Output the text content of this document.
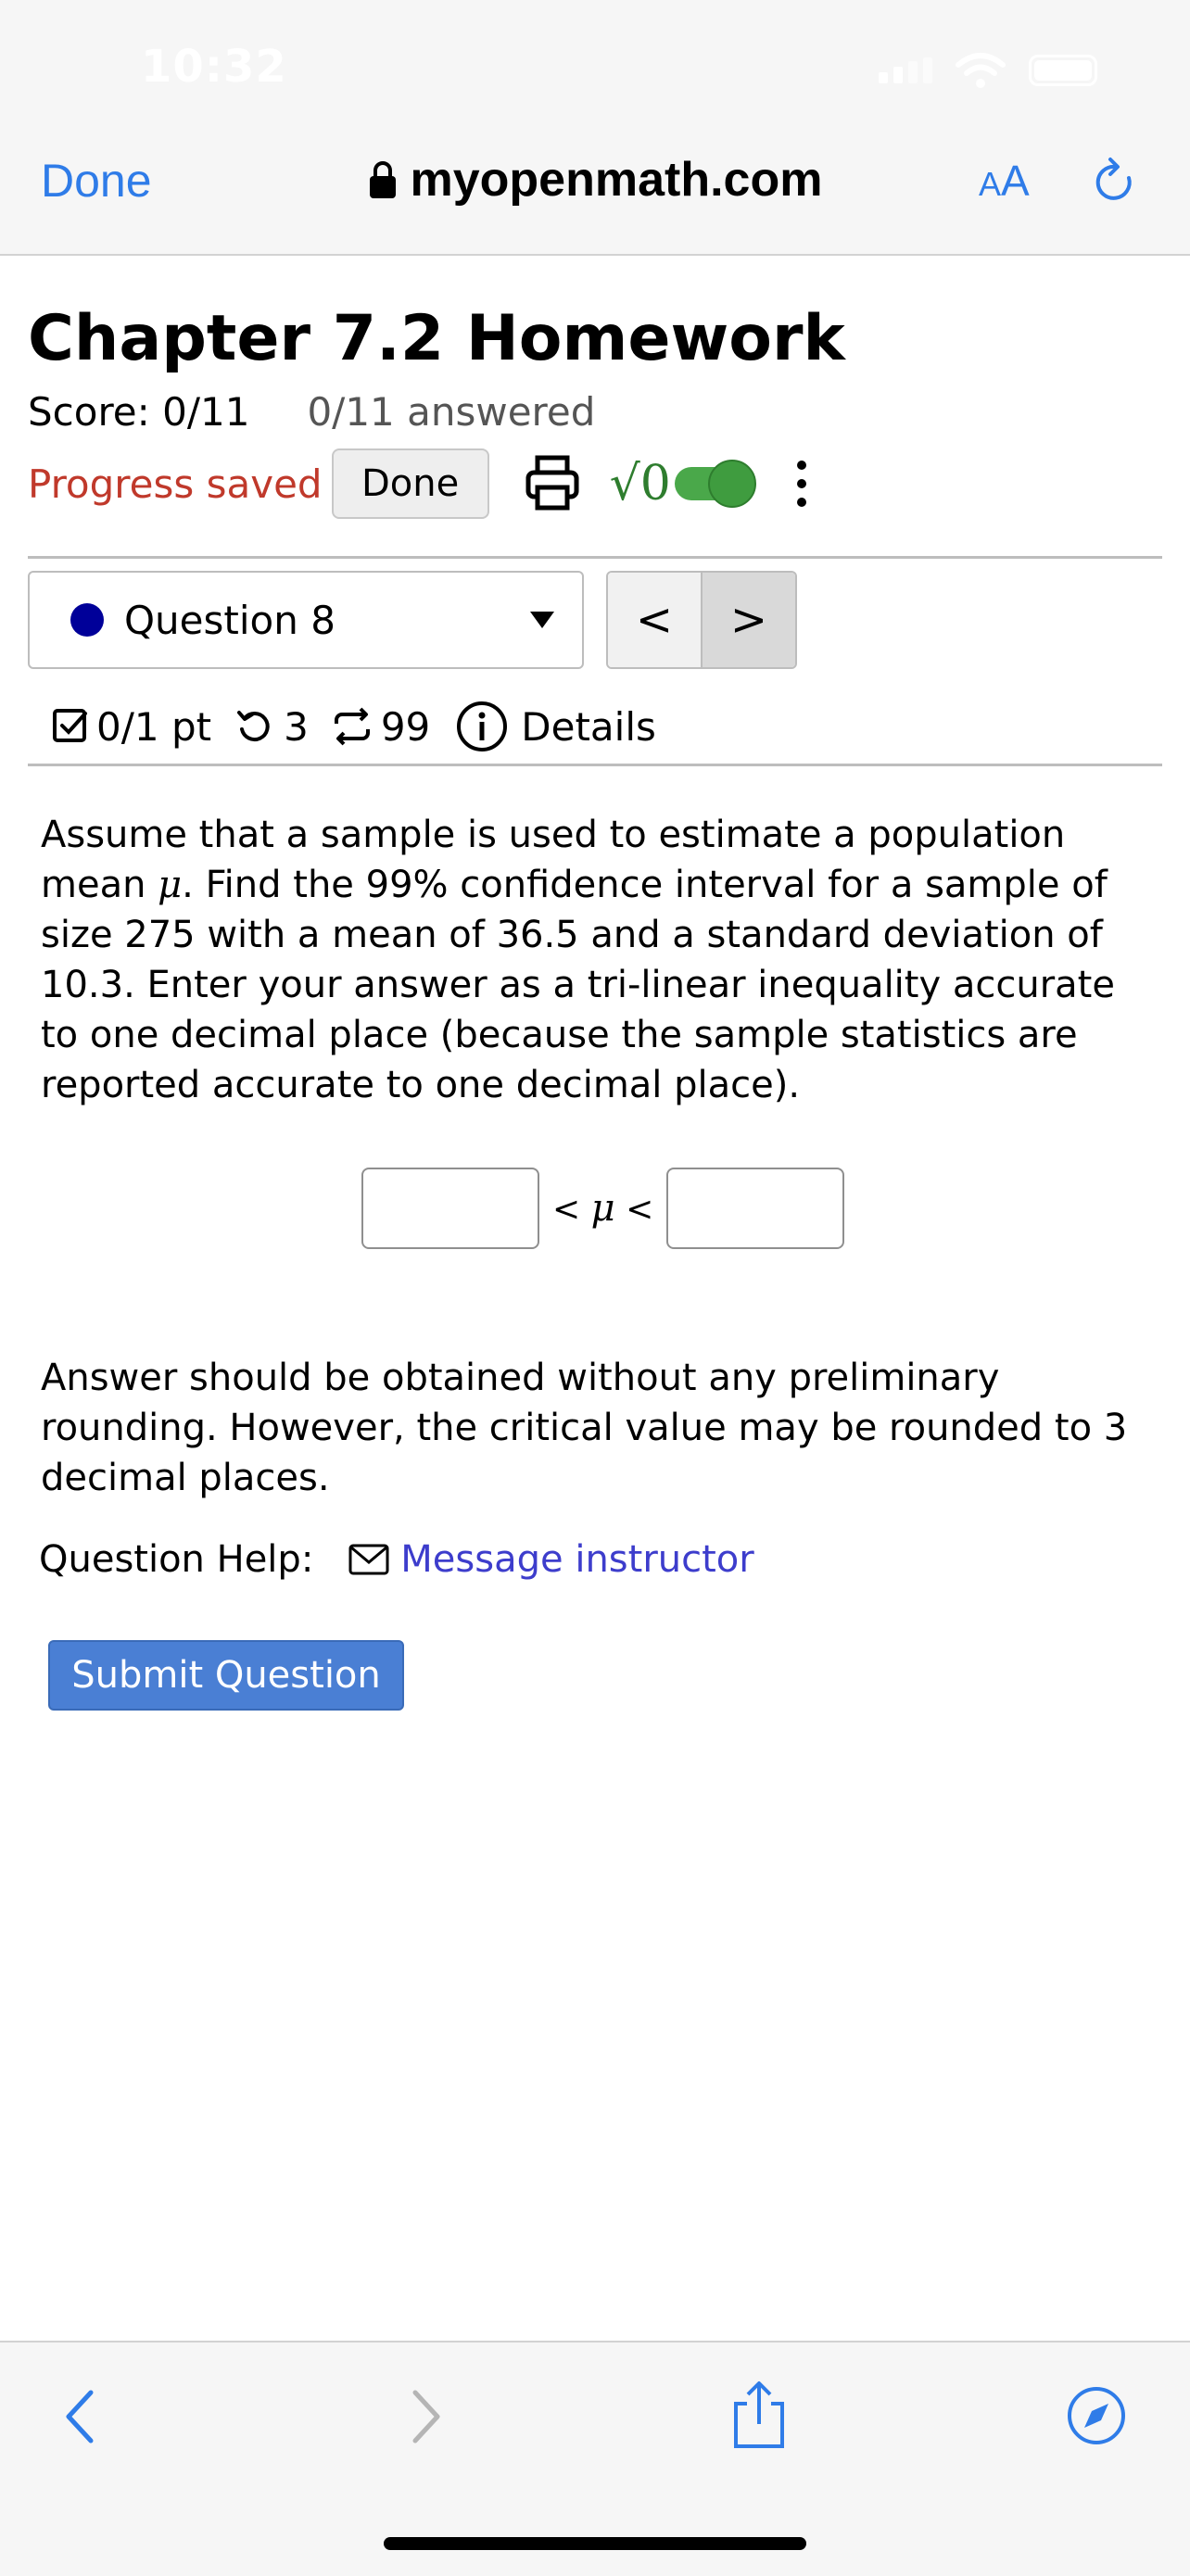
10:32
Done	myopenmath.com	AA
Chapter 7.2 Homework
Score: 0/11 0/11 answered
Progress saved	Done	√0
Question 8	<	>
0/1 pt 3 99 Details
Assume that a sample is used to estimate a population mean μ. Find the 99% confidence interval for a sample of size 275 with a mean of 36.5 and a standard deviation of 10.3. Enter your answer as a tri-linear inequality accurate to one decimal place (because the sample statistics are reported accurate to one decimal place).
< μ <
Answer should be obtained without any preliminary rounding. However, the critical value may be rounded to 3 decimal places.
Question Help: Message instructor
Submit Question
